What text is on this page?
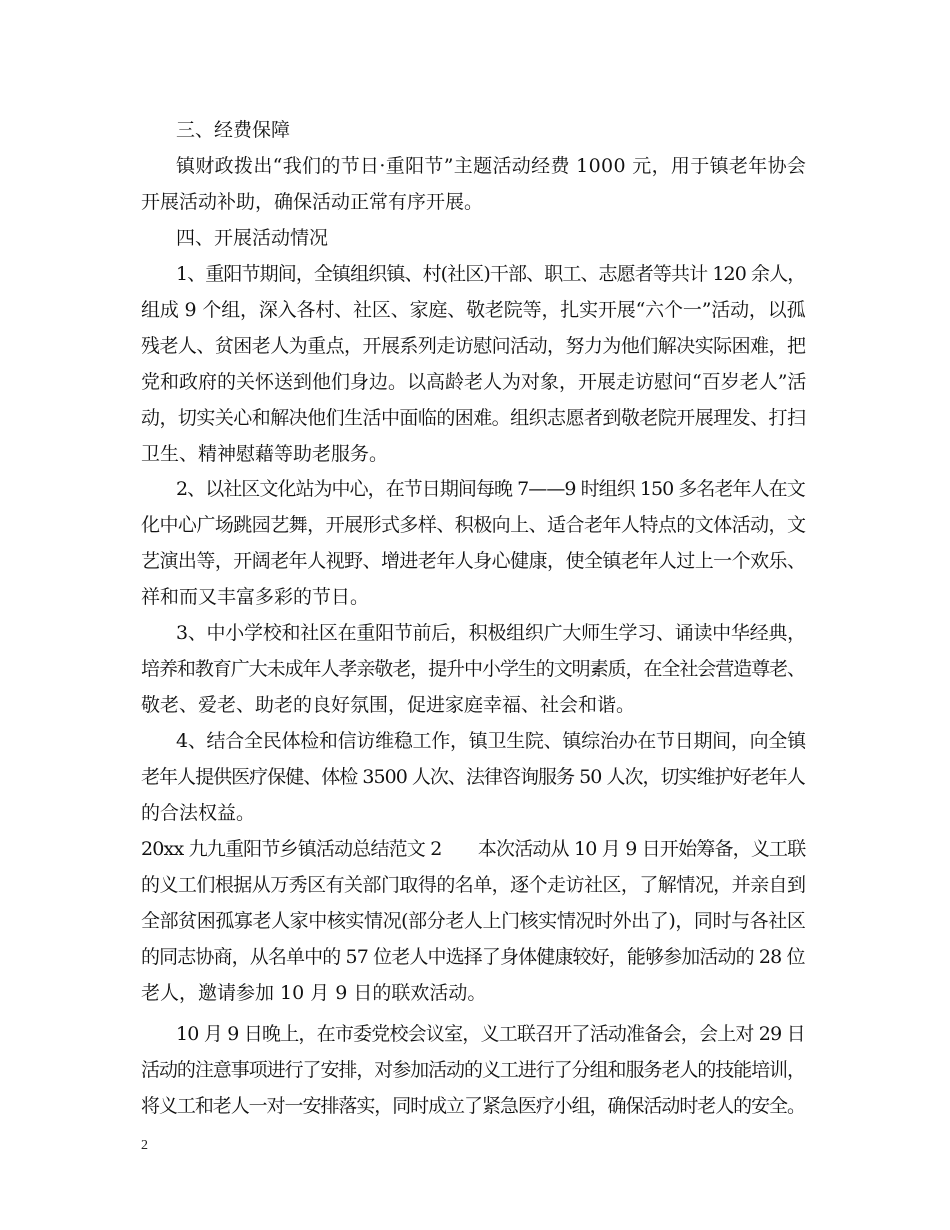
三、经费保障
镇财政拨出“我们的节日·重阳节”主题活动经费 1000 元，用于镇老年协会
开展活动补助，确保活动正常有序开展。
四、开展活动情况
1、重阳节期间，全镇组织镇、村(社区)干部、职工、志愿者等共计 120 余人，
组成 9 个组，深入各村、社区、家庭、敬老院等，扎实开展“六个一”活动，以孤
残老人、贫困老人为重点，开展系列走访慰问活动，努力为他们解决实际困难，把
党和政府的关怀送到他们身边。以高龄老人为对象，开展走访慰问“百岁老人”活
动，切实关心和解决他们生活中面临的困难。组织志愿者到敬老院开展理发、打扫
卫生、精神慰藉等助老服务。
2、以社区文化站为中心，在节日期间每晚 7——9 时组织 150 多名老年人在文
化中心广场跳园艺舞，开展形式多样、积极向上、适合老年人特点的文体活动，文
艺演出等，开阔老年人视野、增进老年人身心健康，使全镇老年人过上一个欢乐、
祥和而又丰富多彩的节日。
3、中小学校和社区在重阳节前后，积极组织广大师生学习、诵读中华经典，
培养和教育广大未成年人孝亲敬老，提升中小学生的文明素质，在全社会营造尊老、
敬老、爱老、助老的良好氛围，促进家庭幸福、社会和谐。
4、结合全民体检和信访维稳工作，镇卫生院、镇综治办在节日期间，向全镇
老年人提供医疗保健、体检 3500 人次、法律咨询服务 50 人次，切实维护好老年人
的合法权益。
20xx 九九重阳节乡镇活动总结范文 2　　本次活动从 10 月 9 日开始筹备，义工联
的义工们根据从万秀区有关部门取得的名单，逐个走访社区，了解情况，并亲自到
全部贫困孤寡老人家中核实情况(部分老人上门核实情况时外出了)，同时与各社区
的同志协商，从名单中的 57 位老人中选择了身体健康较好，能够参加活动的 28 位
老人，邀请参加 10 月 9 日的联欢活动。
10 月 9 日晚上，在市委党校会议室，义工联召开了活动准备会，会上对 29 日
活动的注意事项进行了安排，对参加活动的义工进行了分组和服务老人的技能培训，
将义工和老人一对一安排落实，同时成立了紧急医疗小组，确保活动时老人的安全。
2
